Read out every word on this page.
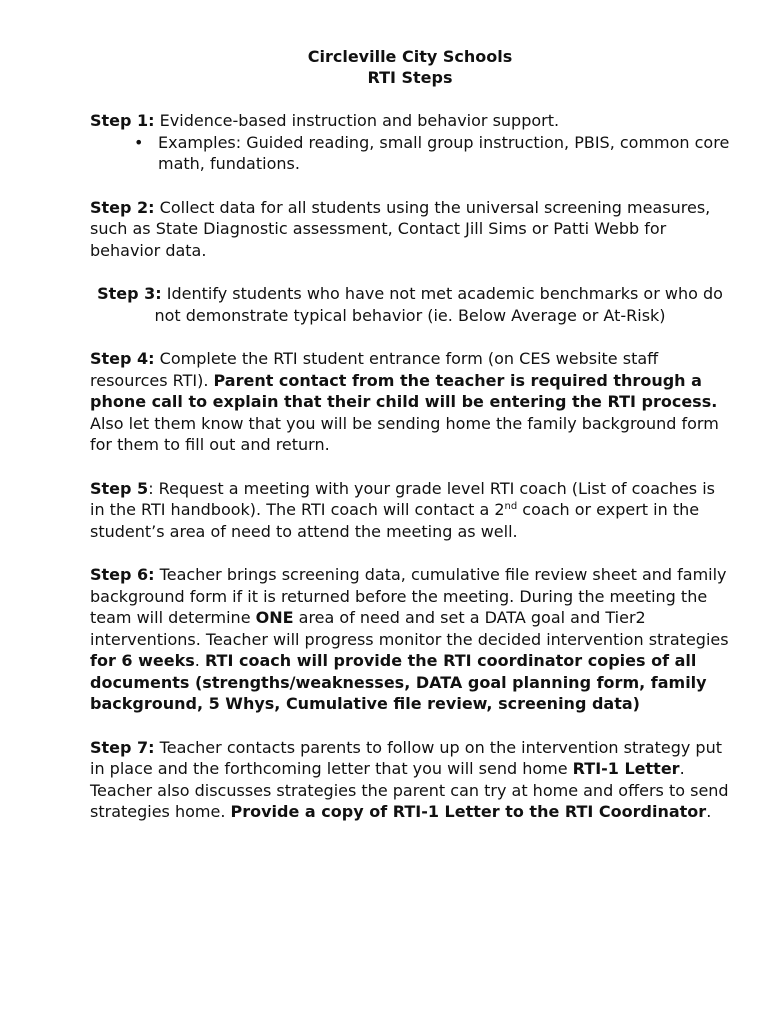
Circleville City Schools

RTI Steps

Step 1: Evidence-based instruction and behavior support.
• Examples: Guided reading, small group instruction, PBIS, common core math, fundations.
Step 2: Collect data for all students using the universal screening measures, such as State Diagnostic assessment, Contact Jill Sims or Patti Webb for behavior data.
Step 3: Identify students who have not met academic benchmarks or who do not demonstrate typical behavior (ie. Below Average or At-Risk)
Step 4: Complete the RTI student entrance form (on CES website staff resources RTI). Parent contact from the teacher is required through a phone call to explain that their child will be entering the RTI process. Also let them know that you will be sending home the family background form for them to fill out and return.
Step 5: Request a meeting with your grade level RTI coach (List of coaches is in the RTI handbook). The RTI coach will contact a 2nd coach or expert in the student’s area of need to attend the meeting as well.
Step 6: Teacher brings screening data, cumulative file review sheet and family background form if it is returned before the meeting. During the meeting the team will determine ONE area of need and set a DATA goal and Tier2 interventions. Teacher will progress monitor the decided intervention strategies for 6 weeks. RTI coach will provide the RTI coordinator copies of all documents (strengths/weaknesses, DATA goal planning form, family background, 5 Whys, Cumulative file review, screening data)
Step 7: Teacher contacts parents to follow up on the intervention strategy put in place and the forthcoming letter that you will send home RTI-1 Letter. Teacher also discusses strategies the parent can try at home and offers to send strategies home. Provide a copy of RTI-1 Letter to the RTI Coordinator.
